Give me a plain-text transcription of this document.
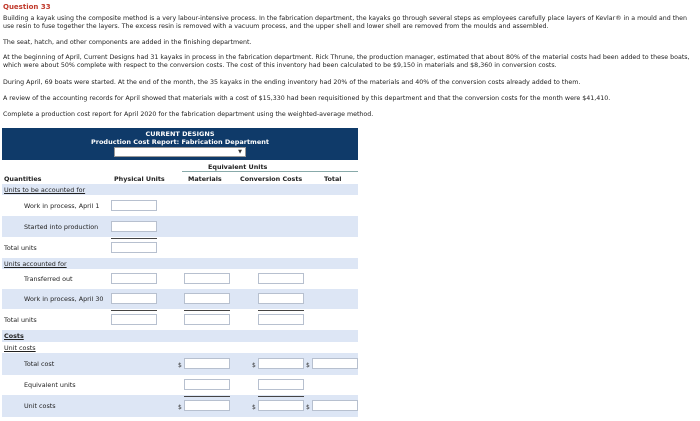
Question 33
Building a kayak using the composite method is a very labour-intensive process. In the fabrication department, the kayaks go through several steps as employees carefully place layers of Kevlar® in a mould and then use resin to fuse together the layers. The excess resin is removed with a vacuum process, and the upper shell and lower shell are removed from the moulds and assembled.
The seat, hatch, and other components are added in the finishing department.
At the beginning of April, Current Designs had 31 kayaks in process in the fabrication department. Rick Thrune, the production manager, estimated that about 80% of the material costs had been added to these boats, which were about 50% complete with respect to the conversion costs. The cost of this inventory had been calculated to be $9,150 in materials and $8,360 in conversion costs.
During April, 69 boats were started. At the end of the month, the 35 kayaks in the ending inventory had 20% of the materials and 40% of the conversion costs already added to them.
A review of the accounting records for April showed that materials with a cost of $15,330 had been requisitioned by this department and that the conversion costs for the month were $41,410.
Complete a production cost report for April 2020 for the fabrication department using the weighted-average method.
CURRENT DESIGNS
Production Cost Report: Fabrication Department
▼
Equivalent Units
Quantities	Physical Units	Materials	Conversion Costs	Total
Units to be accounted for
Work in process, April 1
Started into production
Total units
Units accounted for
Transferred out
Work in process, April 30
Total units
Costs
Unit costs
Total cost	$	$	$
Equivalent units
Unit costs	$	$	$
